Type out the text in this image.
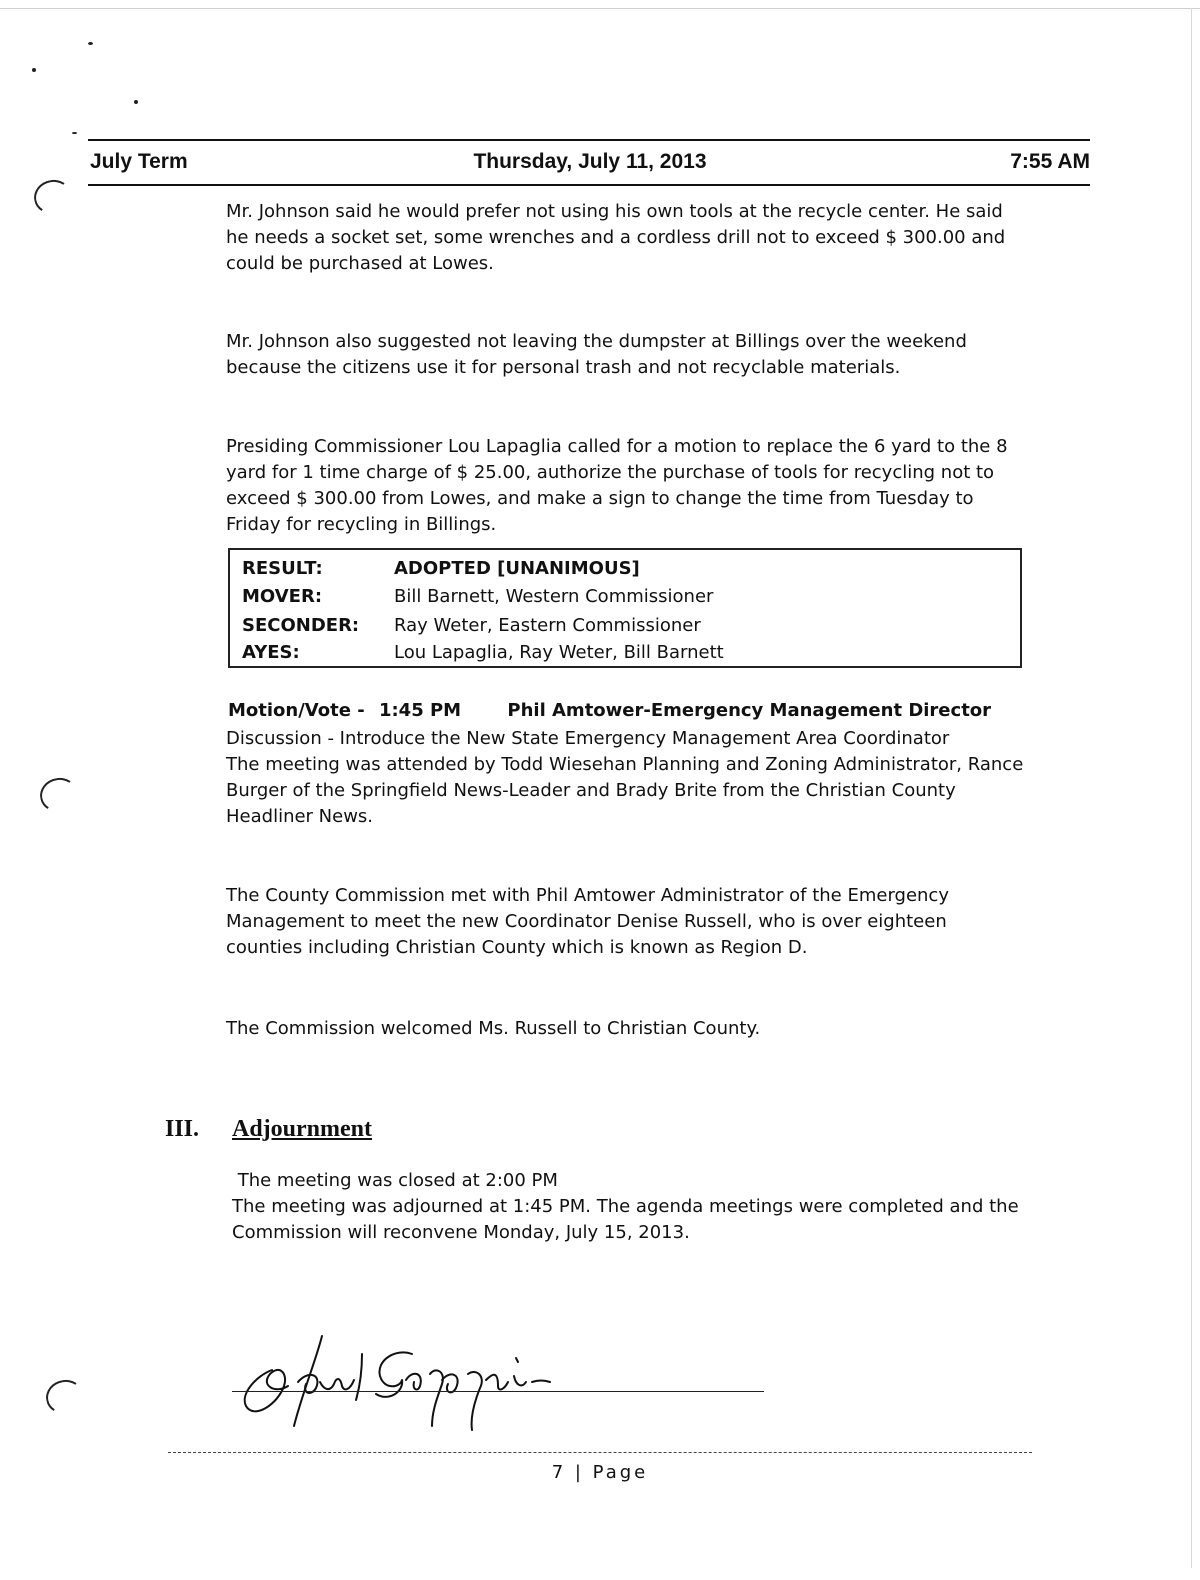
July Term	Thursday, July 11, 2013	7:55 AM
Mr. Johnson said he would prefer not using his own tools at the recycle center. He said
he needs a socket set, some wrenches and a cordless drill not to exceed $ 300.00 and
could be purchased at Lowes.
Mr. Johnson also suggested not leaving the dumpster at Billings over the weekend
because the citizens use it for personal trash and not recyclable materials.
Presiding Commissioner Lou Lapaglia called for a motion to replace the 6 yard to the 8
yard for 1 time charge of $ 25.00, authorize the purchase of tools for recycling not to
exceed $ 300.00 from Lowes, and make a sign to change the time from Tuesday to
Friday for recycling in Billings.
RESULT:	ADOPTED [UNANIMOUS]
MOVER:	Bill Barnett, Western Commissioner
SECONDER: Ray Weter, Eastern Commissioner
AYES:	Lou Lapaglia, Ray Weter, Bill Barnett
Motion/Vote - 1:45 PM	Phil Amtower-Emergency Management Director
Discussion - Introduce the New State Emergency Management Area Coordinator
The meeting was attended by Todd Wiesehan Planning and Zoning Administrator, Rance
Burger of the Springfield News-Leader and Brady Brite from the Christian County
Headliner News.
The County Commission met with Phil Amtower Administrator of the Emergency
Management to meet the new Coordinator Denise Russell, who is over eighteen
counties including Christian County which is known as Region D.
The Commission welcomed Ms. Russell to Christian County.
III. Adjournment
The meeting was closed at 2:00 PM
The meeting was adjourned at 1:45 PM. The agenda meetings were completed and the
Commission will reconvene Monday, July 15, 2013.
7 | Page
